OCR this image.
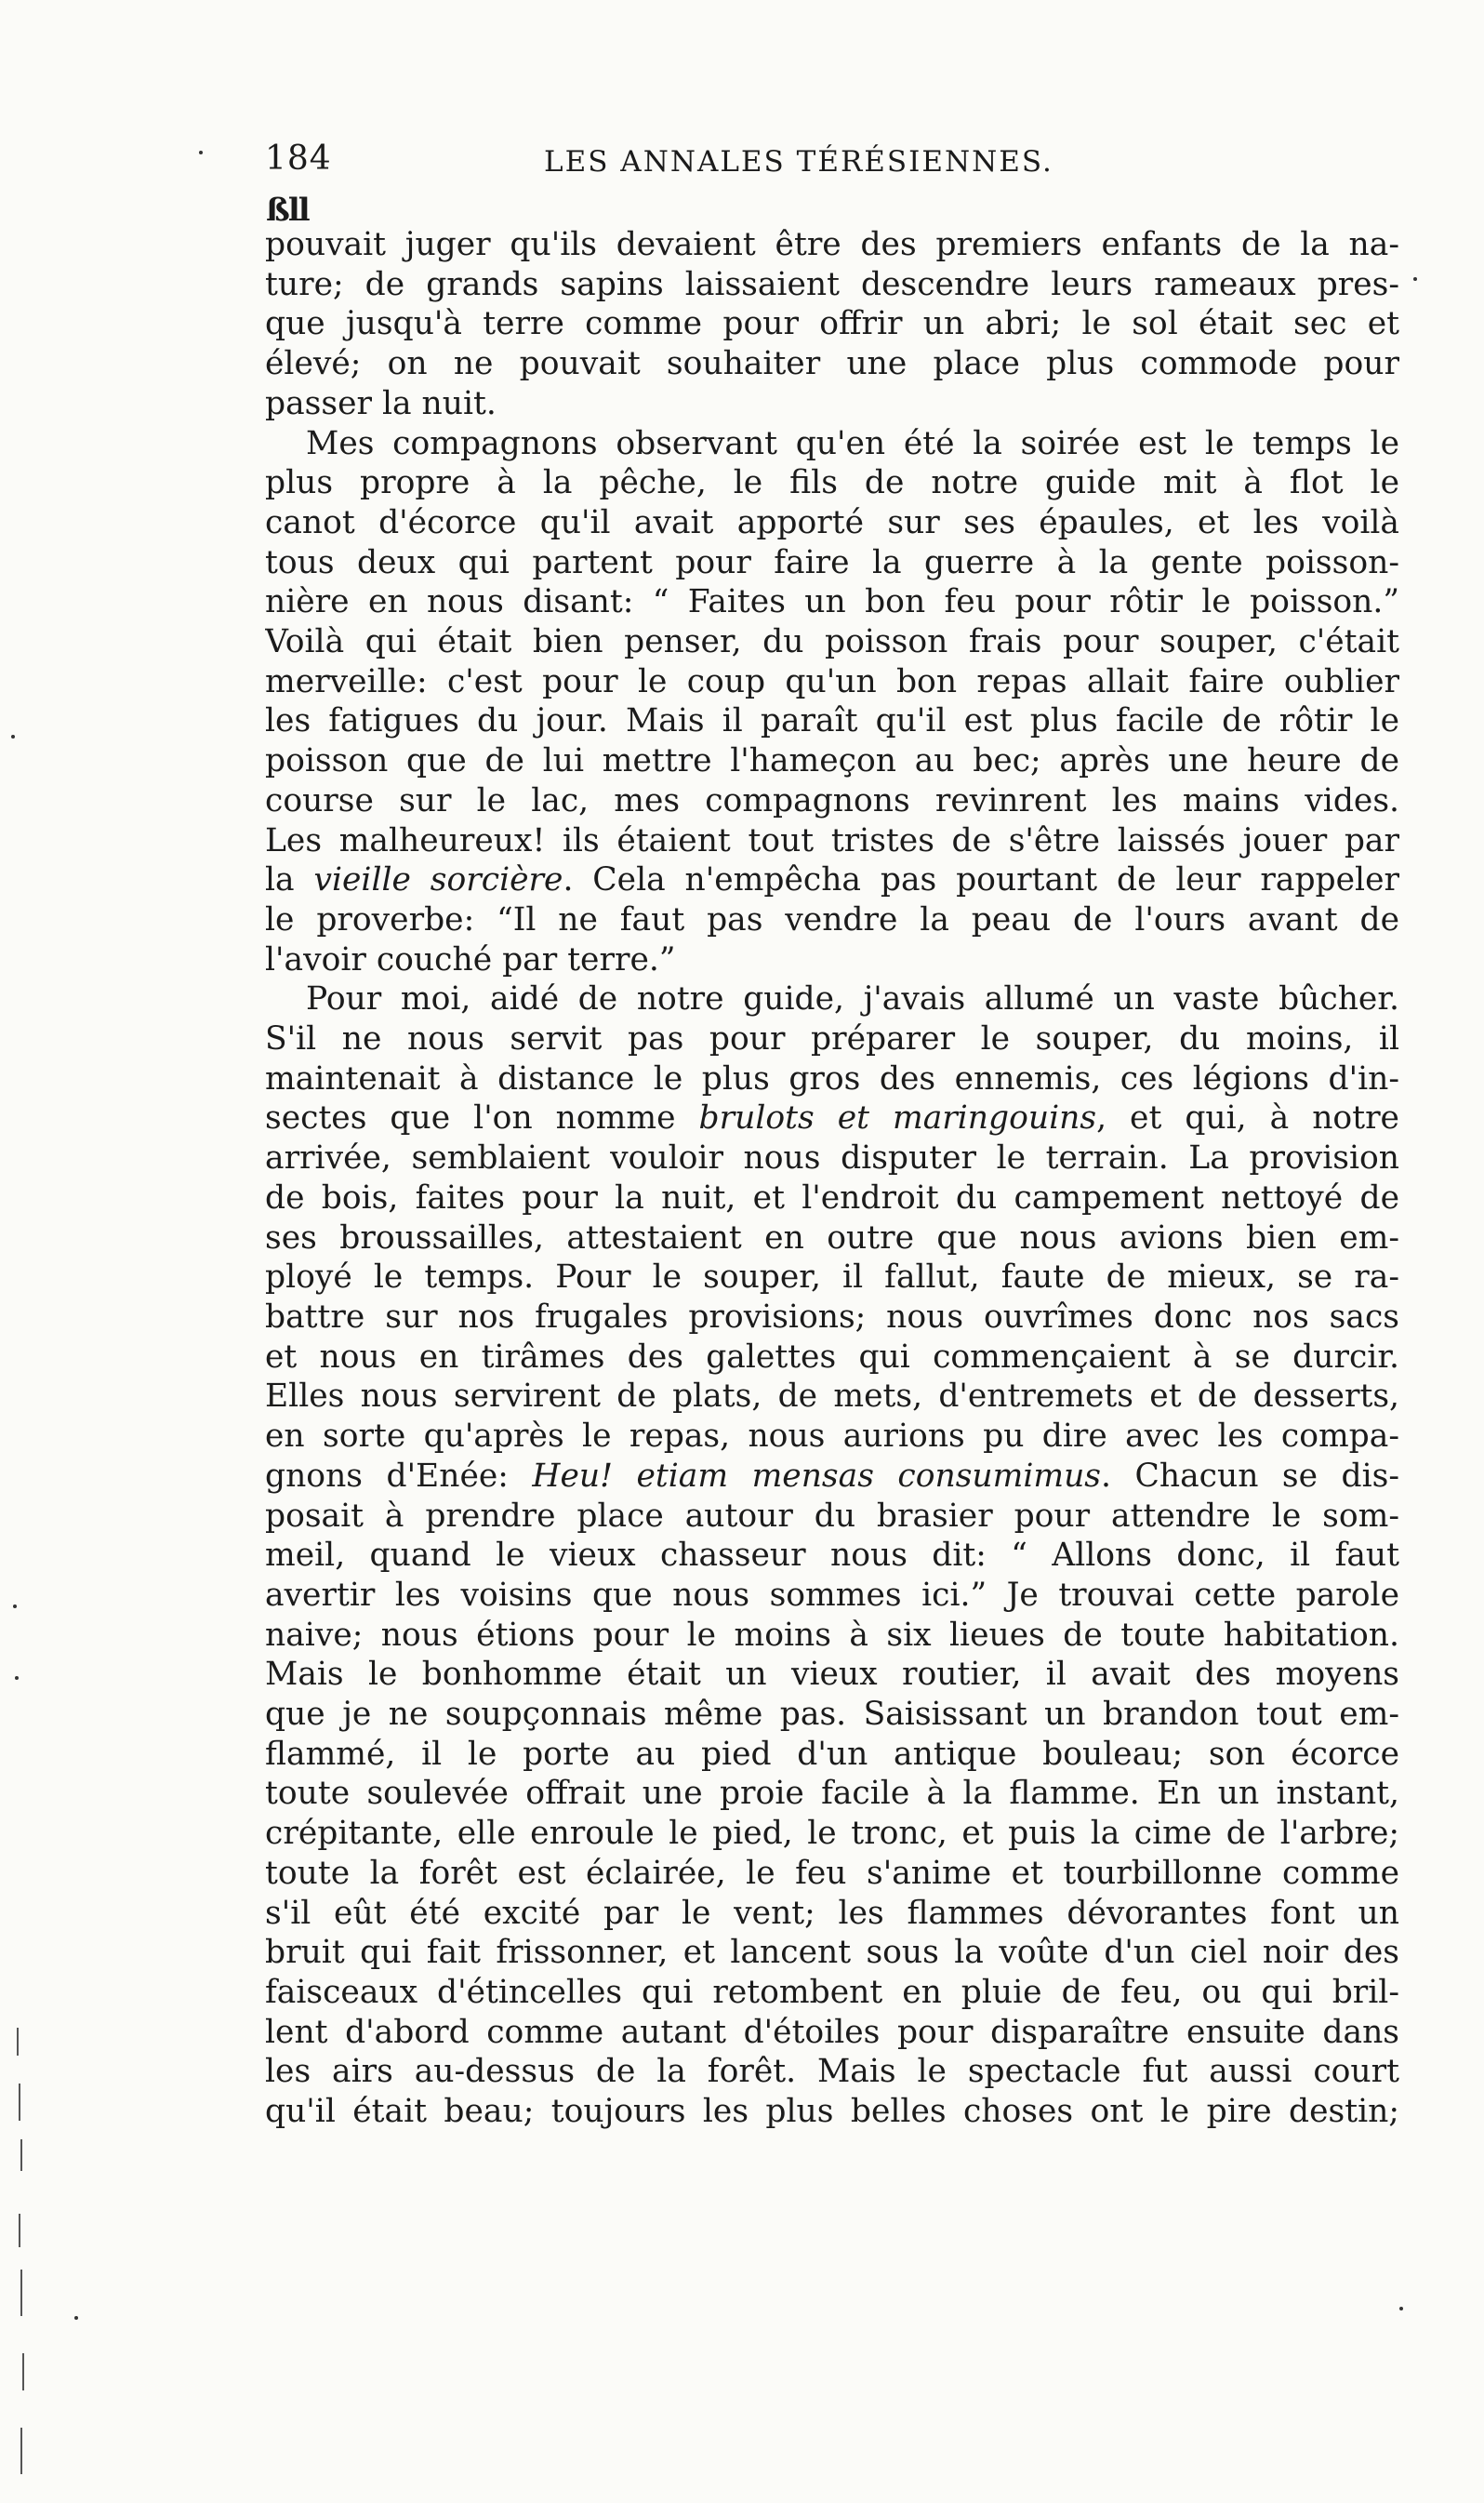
184	LES ANNALES TÉRÉSIENNES.
ßll
pouvait juger qu'ils devaient être des premiers enfants de la na-
ture; de grands sapins laissaient descendre leurs rameaux pres-
que jusqu'à terre comme pour offrir un abri; le sol était sec et
élevé; on ne pouvait souhaiter une place plus commode pour
passer la nuit.
Mes compagnons observant qu'en été la soirée est le temps le
plus propre à la pêche, le fils de notre guide mit à flot le
canot d'écorce qu'il avait apporté sur ses épaules, et les voilà
tous deux qui partent pour faire la guerre à la gente poisson-
nière en nous disant: “ Faites un bon feu pour rôtir le poisson.”
Voilà qui était bien penser, du poisson frais pour souper, c'était
merveille: c'est pour le coup qu'un bon repas allait faire oublier
les fatigues du jour. Mais il paraît qu'il est plus facile de rôtir le
poisson que de lui mettre l'hameçon au bec; après une heure de
course sur le lac, mes compagnons revinrent les mains vides.
Les malheureux! ils étaient tout tristes de s'être laissés jouer par
la vieille sorcière. Cela n'empêcha pas pourtant de leur rappeler
le proverbe: “Il ne faut pas vendre la peau de l'ours avant de
l'avoir couché par terre.”
Pour moi, aidé de notre guide, j'avais allumé un vaste bûcher.
S'il ne nous servit pas pour préparer le souper, du moins, il
maintenait à distance le plus gros des ennemis, ces légions d'in-
sectes que l'on nomme brulots et maringouins, et qui, à notre
arrivée, semblaient vouloir nous disputer le terrain. La provision
de bois, faites pour la nuit, et l'endroit du campement nettoyé de
ses broussailles, attestaient en outre que nous avions bien em-
ployé le temps. Pour le souper, il fallut, faute de mieux, se ra-
battre sur nos frugales provisions; nous ouvrîmes donc nos sacs
et nous en tirâmes des galettes qui commençaient à se durcir.
Elles nous servirent de plats, de mets, d'entremets et de desserts,
en sorte qu'après le repas, nous aurions pu dire avec les compa-
gnons d'Enée: Heu! etiam mensas consumimus. Chacun se dis-
posait à prendre place autour du brasier pour attendre le som-
meil, quand le vieux chasseur nous dit: “ Allons donc, il faut
avertir les voisins que nous sommes ici.” Je trouvai cette parole
naive; nous étions pour le moins à six lieues de toute habitation.
Mais le bonhomme était un vieux routier, il avait des moyens
que je ne soupçonnais même pas. Saisissant un brandon tout em-
flammé, il le porte au pied d'un antique bouleau; son écorce
toute soulevée offrait une proie facile à la flamme. En un instant,
crépitante, elle enroule le pied, le tronc, et puis la cime de l'arbre;
toute la forêt est éclairée, le feu s'anime et tourbillonne comme
s'il eût été excité par le vent; les flammes dévorantes font un
bruit qui fait frissonner, et lancent sous la voûte d'un ciel noir des
faisceaux d'étincelles qui retombent en pluie de feu, ou qui bril-
lent d'abord comme autant d'étoiles pour disparaître ensuite dans
les airs au-dessus de la forêt. Mais le spectacle fut aussi court
qu'il était beau; toujours les plus belles choses ont le pire destin;
